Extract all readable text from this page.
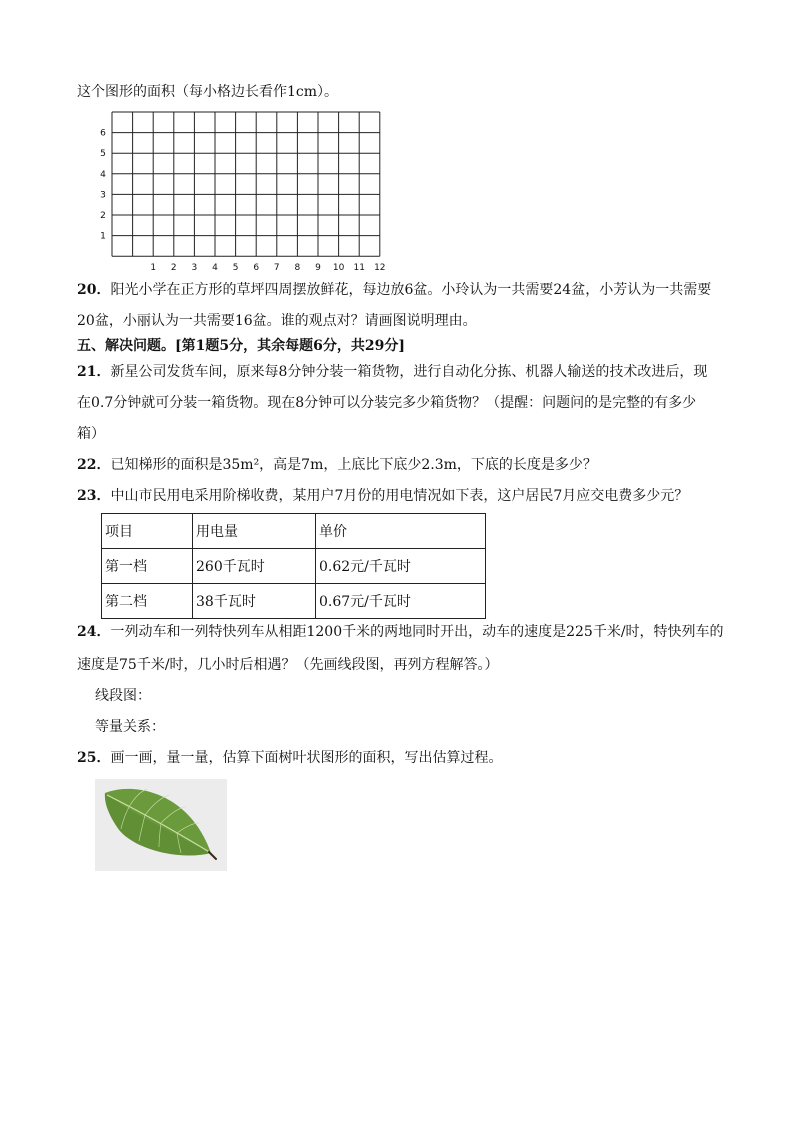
这个图形的面积（每小格边长看作1cm）。
1
2
3
4
5
6
1 2 3 4 5 6 7 8 9 10 11 12
20．阳光小学在正方形的草坪四周摆放鲜花，每边放6盆。小玲认为一共需要24盆，小芳认为一共需要
20盆，小丽认为一共需要16盆。谁的观点对？请画图说明理由。
五、解决问题。[第1题5分，其余每题6分，共29分]
21．新星公司发货车间，原来每8分钟分装一箱货物，进行自动化分拣、机器人输送的技术改进后，现
在0.7分钟就可分装一箱货物。现在8分钟可以分装完多少箱货物？（提醒：问题问的是完整的有多少
箱）
22．已知梯形的面积是35m²，高是7m，上底比下底少2.3m，下底的长度是多少？
23．中山市民用电采用阶梯收费，某用户7月份的用电情况如下表，这户居民7月应交电费多少元？
项目	用电量	单价
第一档	260千瓦时	0.62元/千瓦时
第二档	38千瓦时	0.67元/千瓦时
24．一列动车和一列特快列车从相距1200千米的两地同时开出，动车的速度是225千米/时，特快列车的
速度是75千米/时，几小时后相遇？（先画线段图，再列方程解答。）
线段图：
等量关系：
25．画一画，量一量，估算下面树叶状图形的面积，写出估算过程。
